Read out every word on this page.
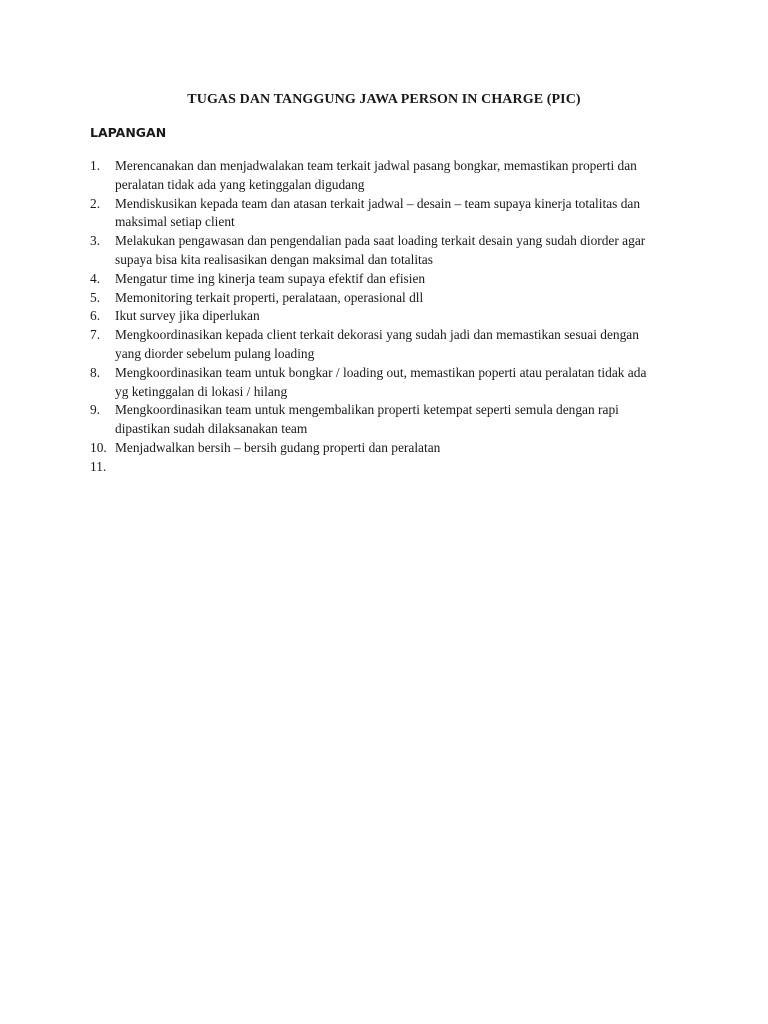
TUGAS DAN TANGGUNG JAWA PERSON IN CHARGE (PIC)
LAPANGAN
1.	Merencanakan dan menjadwalakan team terkait jadwal pasang bongkar, memastikan properti dan
peralatan tidak ada yang ketinggalan digudang
2.	Mendiskusikan kepada team dan atasan terkait jadwal – desain – team supaya kinerja totalitas dan
maksimal setiap client
3.	Melakukan pengawasan dan pengendalian pada saat loading terkait desain yang sudah diorder agar
supaya bisa kita realisasikan dengan maksimal dan totalitas
4.	Mengatur time ing kinerja team supaya efektif dan efisien
5.	Memonitoring terkait properti, peralataan, operasional dll
6.	Ikut survey jika diperlukan
7.	Mengkoordinasikan kepada client terkait dekorasi yang sudah jadi dan memastikan sesuai dengan
yang diorder sebelum pulang loading
8.	Mengkoordinasikan team untuk bongkar / loading out, memastikan poperti atau peralatan tidak ada
yg ketinggalan di lokasi / hilang
9.	Mengkoordinasikan team untuk mengembalikan properti ketempat seperti semula dengan rapi
dipastikan sudah dilaksanakan team
10. Menjadwalkan bersih – bersih gudang properti dan peralatan
11.
